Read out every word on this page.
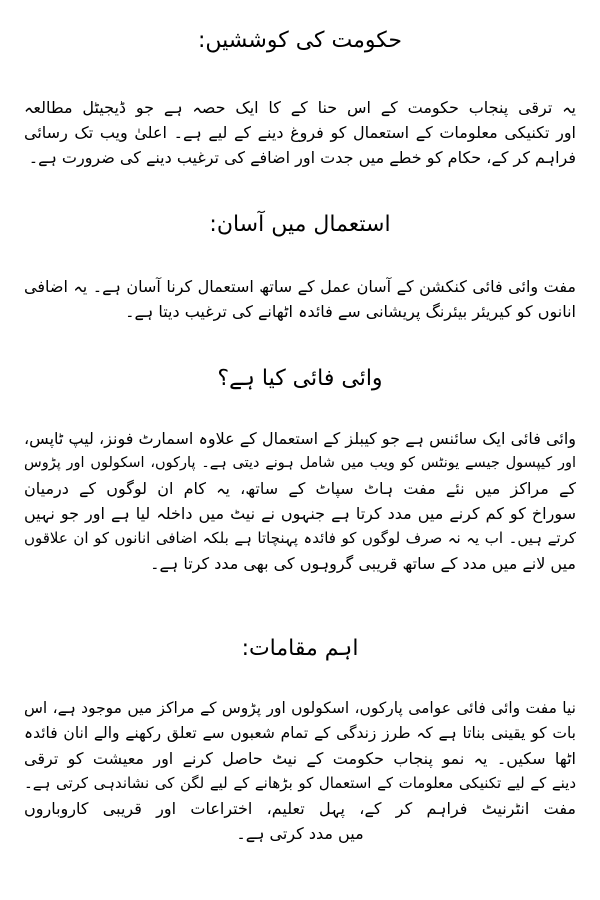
حکومت کی کوششیں:
یہ ترقی پنجاب حکومت کے اس حنا کے کا ایک حصہ ہے جو ڈیجیٹل مطالعہ
اور تکنیکی معلومات کے استعمال کو فروغ دینے کے لیے ہے۔ اعلیٰ ویب تک رسائی
فراہم کر کے، حکام کو خطے میں جدت اور اضافے کی ترغیب دینے کی ضرورت ہے۔
استعمال میں آسان:
مفت وائی فائی کنکشن کے آسان عمل کے ساتھ استعمال کرنا آسان ہے۔ یہ اضافی
انانوں کو کیریئر بیئرنگ پریشانی سے فائدہ اٹھانے کی ترغیب دیتا ہے۔
وائی فائی کیا ہے؟
وائی فائی ایک سائنس ہے جو کیبلز کے استعمال کے علاوہ اسمارٹ فونز، لیپ ٹاپس،
اور کیپسول جیسے یونٹس کو ویب میں شامل ہونے دیتی ہے۔ پارکوں، اسکولوں اور پڑوس
کے مراکز میں نئے مفت ہاٹ سپاٹ کے ساتھ، یہ کام ان لوگوں کے درمیان
سوراخ کو کم کرنے میں مدد کرتا ہے جنہوں نے نیٹ میں داخلہ لیا ہے اور جو نہیں
کرتے ہیں۔ اب یہ نہ صرف لوگوں کو فائدہ پہنچاتا ہے بلکہ اضافی انانوں کو ان علاقوں
میں لانے میں مدد کے ساتھ قریبی گروہوں کی بھی مدد کرتا ہے۔
اہم مقامات:
نیا مفت وائی فائی عوامی پارکوں، اسکولوں اور پڑوس کے مراکز میں موجود ہے، اس
بات کو یقینی بناتا ہے کہ طرز زندگی کے تمام شعبوں سے تعلق رکھنے والے انان فائدہ
اٹھا سکیں۔ یہ نمو پنجاب حکومت کے نیٹ حاصل کرنے اور معیشت کو ترقی
دینے کے لیے تکنیکی معلومات کے استعمال کو بڑھانے کے لیے لگن کی نشاندہی کرتی ہے۔
مفت انٹرنیٹ فراہم کر کے، پہل تعلیم، اختراعات اور قریبی کاروباروں
میں مدد کرتی ہے۔
